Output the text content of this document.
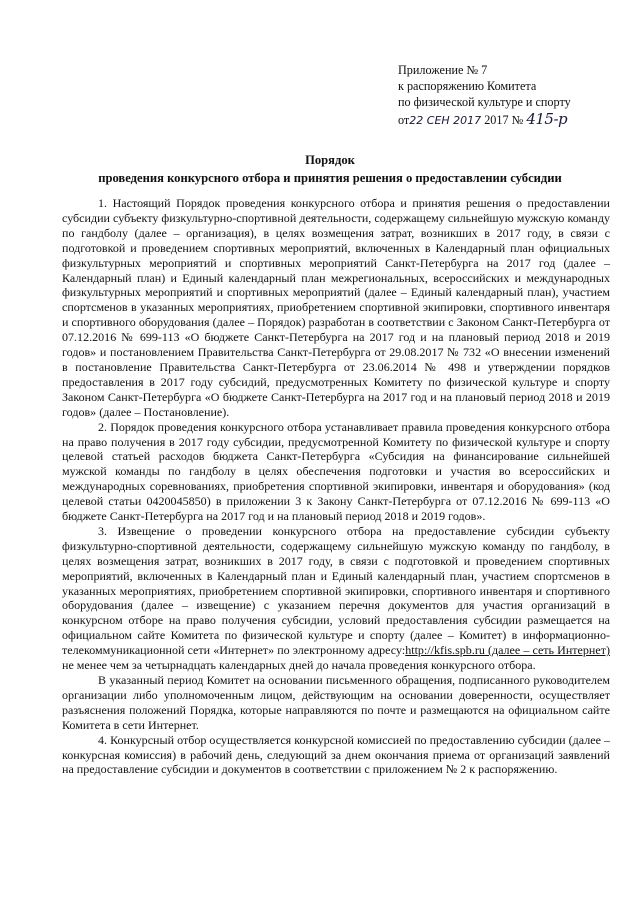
Приложение № 7
к распоряжению Комитета
по физической культуре и спорту
от22 СЕН 2017 2017 № 415-р
Порядок
проведения конкурсного отбора и принятия решения о предоставлении субсидии

1. Настоящий Порядок проведения конкурсного отбора и принятия решения о предоставлении субсидии субъекту физкультурно-спортивной деятельности, содержащему сильнейшую мужскую команду по гандболу (далее – организация), в целях возмещения затрат, возникших в 2017 году, в связи с подготовкой и проведением спортивных мероприятий, включенных в Календарный план официальных физкультурных мероприятий и спортивных мероприятий Санкт-Петербурга на 2017 год (далее – Календарный план) и Единый календарный план межрегиональных, всероссийских и международных физкультурных мероприятий и спортивных мероприятий (далее – Единый календарный план), участием спортсменов в указанных мероприятиях, приобретением спортивной экипировки, спортивного инвентаря и спортивного оборудования (далее – Порядок) разработан в соответствии с Законом Санкт-Петербурга от 07.12.2016 № 699-113 «О бюджете Санкт-Петербурга на 2017 год и на плановый период 2018 и 2019 годов» и постановлением Правительства Санкт-Петербурга от 29.08.2017 № 732 «О внесении изменений в постановление Правительства Санкт-Петербурга от 23.06.2014 № 498 и утверждении порядков предоставления в 2017 году субсидий, предусмотренных Комитету по физической культуре и спорту Законом Санкт-Петербурга «О бюджете Санкт-Петербурга на 2017 год и на плановый период 2018 и 2019 годов» (далее – Постановление).

2. Порядок проведения конкурсного отбора устанавливает правила проведения конкурсного отбора на право получения в 2017 году субсидии, предусмотренной Комитету по физической культуре и спорту целевой статьей расходов бюджета Санкт-Петербурга «Субсидия на финансирование сильнейшей мужской команды по гандболу в целях обеспечения подготовки и участия во всероссийских и международных соревнованиях, приобретения спортивной экипировки, инвентаря и оборудования» (код целевой статьи 0420045850) в приложении 3 к Закону Санкт-Петербурга от 07.12.2016 № 699-113 «О бюджете Санкт-Петербурга на 2017 год и на плановый период 2018 и 2019 годов».

3. Извещение о проведении конкурсного отбора на предоставление субсидии субъекту физкультурно-спортивной деятельности, содержащему сильнейшую мужскую команду по гандболу, в целях возмещения затрат, возникших в 2017 году, в связи с подготовкой и проведением спортивных мероприятий, включенных в Календарный план и Единый календарный план, участием спортсменов в указанных мероприятиях, приобретением спортивной экипировки, спортивного инвентаря и спортивного оборудования (далее – извещение) с указанием перечня документов для участия организаций в конкурсном отборе на право получения субсидии, условий предоставления субсидии размещается на официальном сайте Комитета по физической культуре и спорту (далее – Комитет) в информационно-телекоммуникационной сети «Интернет» по электронному адресу:http://kfis.spb.ru (далее – сеть Интернет) не менее чем за четырнадцать календарных дней до начала проведения конкурсного отбора.

В указанный период Комитет на основании письменного обращения, подписанного руководителем организации либо уполномоченным лицом, действующим на основании доверенности, осуществляет разъяснения положений Порядка, которые направляются по почте и размещаются на официальном сайте Комитета в сети Интернет.

4. Конкурсный отбор осуществляется конкурсной комиссией по предоставлению субсидии (далее – конкурсная комиссия) в рабочий день, следующий за днем окончания приема от организаций заявлений на предоставление субсидии и документов в соответствии с приложением № 2 к распоряжению.
